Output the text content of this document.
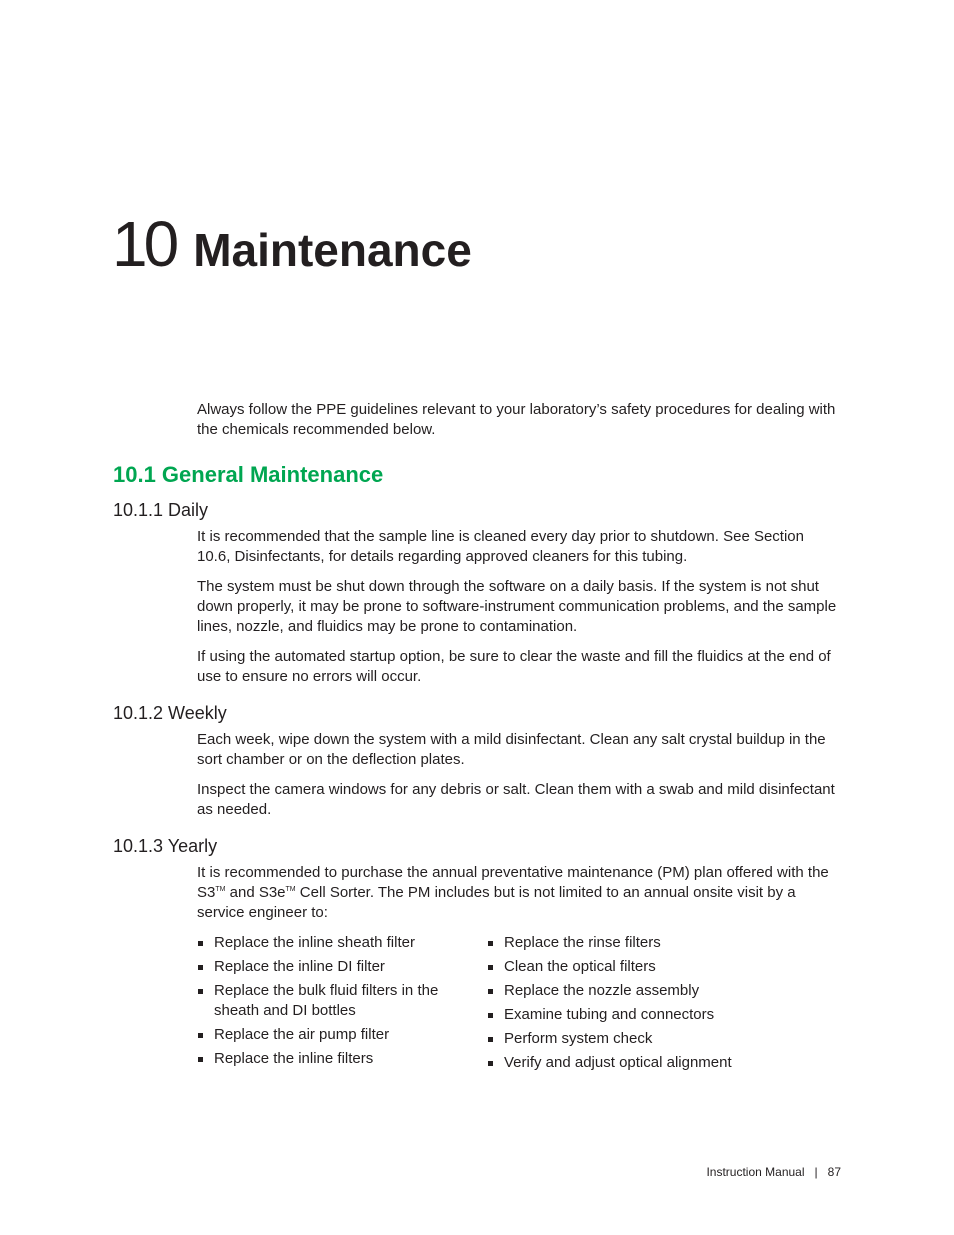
10 Maintenance

Always follow the PPE guidelines relevant to your laboratory’s safety procedures for dealing with the chemicals recommended below.

10.1 General Maintenance
10.1.1 Daily

It is recommended that the sample line is cleaned every day prior to shutdown. See Section 10.6, Disinfectants, for details regarding approved cleaners for this tubing.

The system must be shut down through the software on a daily basis. If the system is not shut down properly, it may be prone to software-instrument communication problems, and the sample lines, nozzle, and fluidics may be prone to contamination.

If using the automated startup option, be sure to clear the waste and fill the fluidics at the end of use to ensure no errors will occur.

10.1.2 Weekly

Each week, wipe down the system with a mild disinfectant. Clean any salt crystal buildup in the sort chamber or on the deflection plates.

Inspect the camera windows for any debris or salt. Clean them with a swab and mild disinfectant as needed.

10.1.3 Yearly

It is recommended to purchase the annual preventative maintenance (PM) plan offered with the S3™ and S3e™ Cell Sorter. The PM includes but is not limited to an annual onsite visit by a service engineer to:

Replace the inline sheath filter
Replace the inline DI filter
Replace the bulk fluid filters in the sheath and DI bottles
Replace the air pump filter
Replace the inline filters
Replace the rinse filters
Clean the optical filters
Replace the nozzle assembly
Examine tubing and connectors
Perform system check
Verify and adjust optical alignment
Instruction Manual | 87
